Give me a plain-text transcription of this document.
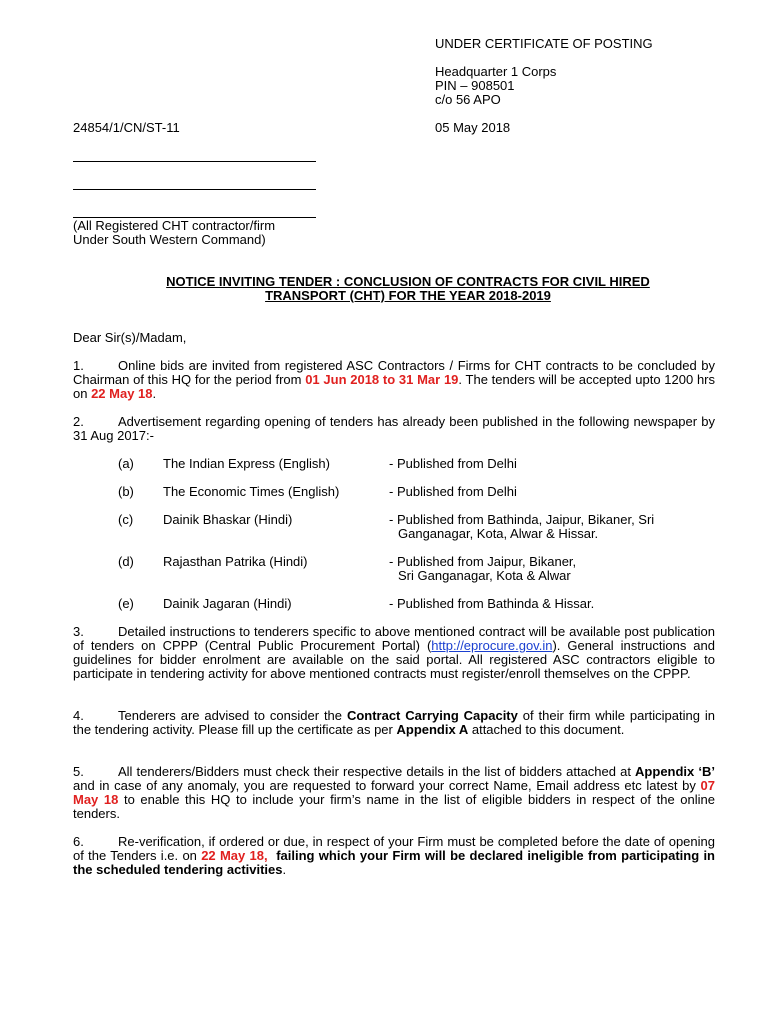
UNDER CERTIFICATE OF POSTING
Headquarter 1 Corps
PIN – 908501
c/o 56 APO
24854/1/CN/ST-11	05 May 2018
(All Registered CHT contractor/firm
Under South Western Command)
NOTICE INVITING TENDER : CONCLUSION OF CONTRACTS FOR CIVIL HIRED
TRANSPORT (CHT) FOR THE YEAR 2018-2019
Dear Sir(s)/Madam,
1.	Online bids are invited from registered ASC Contractors / Firms for CHT contracts to be concluded by Chairman of this HQ for the period from 01 Jun 2018 to 31 Mar 19. The tenders will be accepted upto 1200 hrs on 22 May 18.
2.	Advertisement regarding opening of tenders has already been published in the following newspaper by 31 Aug 2017:-
(a) The Indian Express (English)	- Published from Delhi
(b) The Economic Times (English)	- Published from Delhi
(c) Dainik Bhaskar (Hindi)	- Published from Bathinda, Jaipur, Bikaner, Sri
Ganganagar, Kota, Alwar & Hissar.
(d) Rajasthan Patrika (Hindi)	- Published from Jaipur, Bikaner,
Sri Ganganagar, Kota & Alwar
(e) Dainik Jagaran (Hindi)	- Published from Bathinda & Hissar.
3.	Detailed instructions to tenderers specific to above mentioned contract will be available post publication of tenders on CPPP (Central Public Procurement Portal) (http://eprocure.gov.in). General instructions and guidelines for bidder enrolment are available on the said portal. All registered ASC contractors eligible to participate in tendering activity for above mentioned contracts must register/enroll themselves on the CPPP.
4.	Tenderers are advised to consider the Contract Carrying Capacity of their firm while participating in the tendering activity. Please fill up the certificate as per Appendix A attached to this document.
5.	All tenderers/Bidders must check their respective details in the list of bidders attached at Appendix ‘B’ and in case of any anomaly, you are requested to forward your correct Name, Email address etc latest by 07 May 18 to enable this HQ to include your firm’s name in the list of eligible bidders in respect of the online tenders.
6.	Re-verification, if ordered or due, in respect of your Firm must be completed before the date of opening of the Tenders i.e. on 22 May 18,  failing which your Firm will be declared ineligible from participating in the scheduled tendering activities.
